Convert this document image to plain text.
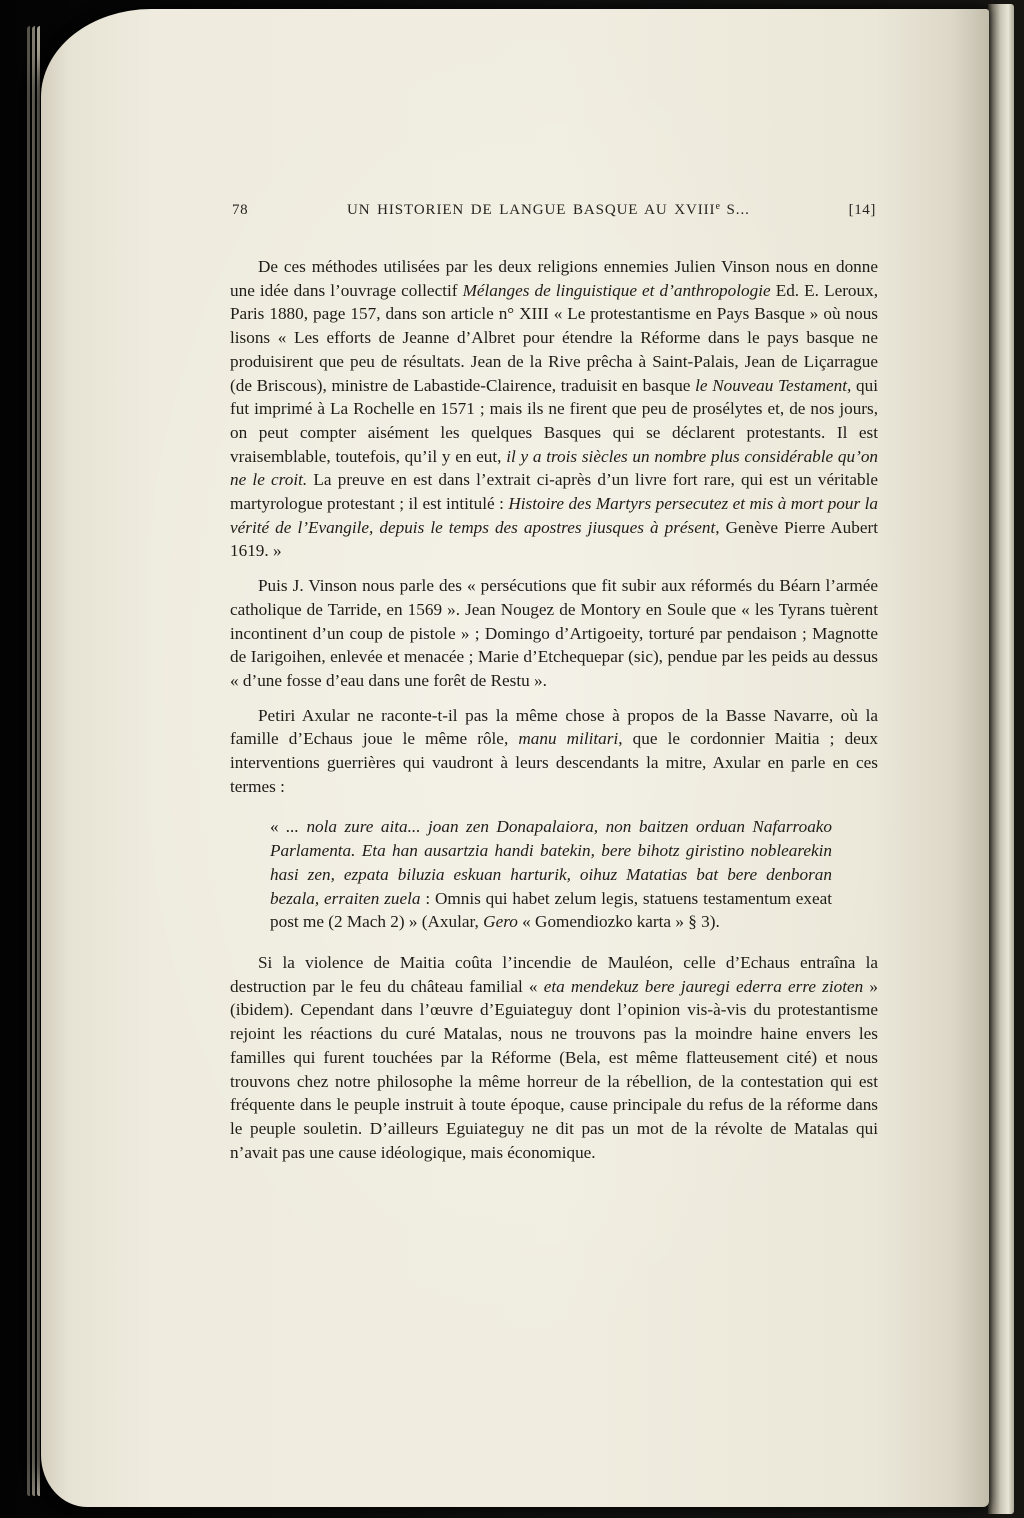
78	UN HISTORIEN DE LANGUE BASQUE AU XVIIIe S...	[14]

De ces méthodes utilisées par les deux religions ennemies Julien Vinson nous en donne une idée dans l’ouvrage collectif Mélanges de linguistique et d’anthropologie Ed. E. Leroux, Paris 1880, page 157, dans son article n° XIII « Le protestantisme en Pays Basque » où nous lisons « Les efforts de Jeanne d’Albret pour étendre la Réforme dans le pays basque ne produisirent que peu de résultats. Jean de la Rive prêcha à Saint-Palais, Jean de Liçarrague (de Briscous), ministre de Labastide-Clairence, traduisit en basque le Nouveau Testament, qui fut imprimé à La Rochelle en 1571 ; mais ils ne firent que peu de prosélytes et, de nos jours, on peut compter aisément les quelques Basques qui se déclarent protestants. Il est vraisemblable, toutefois, qu’il y en eut, il y a trois siècles un nombre plus considérable qu’on ne le croit. La preuve en est dans l’extrait ci-après d’un livre fort rare, qui est un véritable martyrologue protestant ; il est intitulé : Histoire des Martyrs persecutez et mis à mort pour la vérité de l’Evangile, depuis le temps des apostres jiusques à présent, Genève Pierre Aubert 1619. »

Puis J. Vinson nous parle des « persécutions que fit subir aux réformés du Béarn l’armée catholique de Tarride, en 1569 ». Jean Nougez de Montory en Soule que « les Tyrans tuèrent incontinent d’un coup de pistole » ; Domingo d’Artigoeity, torturé par pendaison ; Magnotte de Iarigoihen, enlevée et menacée ; Marie d’Etchequepar (sic), pendue par les peids au dessus « d’une fosse d’eau dans une forêt de Restu ».

Petiri Axular ne raconte-t-il pas la même chose à propos de la Basse Navarre, où la famille d’Echaus joue le même rôle, manu militari, que le cordonnier Maitia ; deux interventions guerrières qui vaudront à leurs descendants la mitre, Axular en parle en ces termes :

« ... nola zure aita... joan zen Donapalaiora, non baitzen orduan Nafarroako Parlamenta. Eta han ausartzia handi batekin, bere bihotz giristino noblearekin hasi zen, ezpata biluzia eskuan harturik, oihuz Matatias bat bere denboran bezala, erraiten zuela : Omnis qui habet zelum legis, statuens testamentum exeat post me (2 Mach 2) » (Axular, Gero « Gomendiozko karta » § 3).

Si la violence de Maitia coûta l’incendie de Mauléon, celle d’Echaus entraîna la destruction par le feu du château familial « eta mendekuz bere jauregi ederra erre zioten » (ibidem). Cependant dans l’œuvre d’Eguiateguy dont l’opinion vis-à-vis du protestantisme rejoint les réactions du curé Matalas, nous ne trouvons pas la moindre haine envers les familles qui furent touchées par la Réforme (Bela, est même flatteusement cité) et nous trouvons chez notre philosophe la même horreur de la rébellion, de la contestation qui est fréquente dans le peuple instruit à toute époque, cause principale du refus de la réforme dans le peuple souletin. D’ailleurs Eguiateguy ne dit pas un mot de la révolte de Matalas qui n’avait pas une cause idéologique, mais économique.
